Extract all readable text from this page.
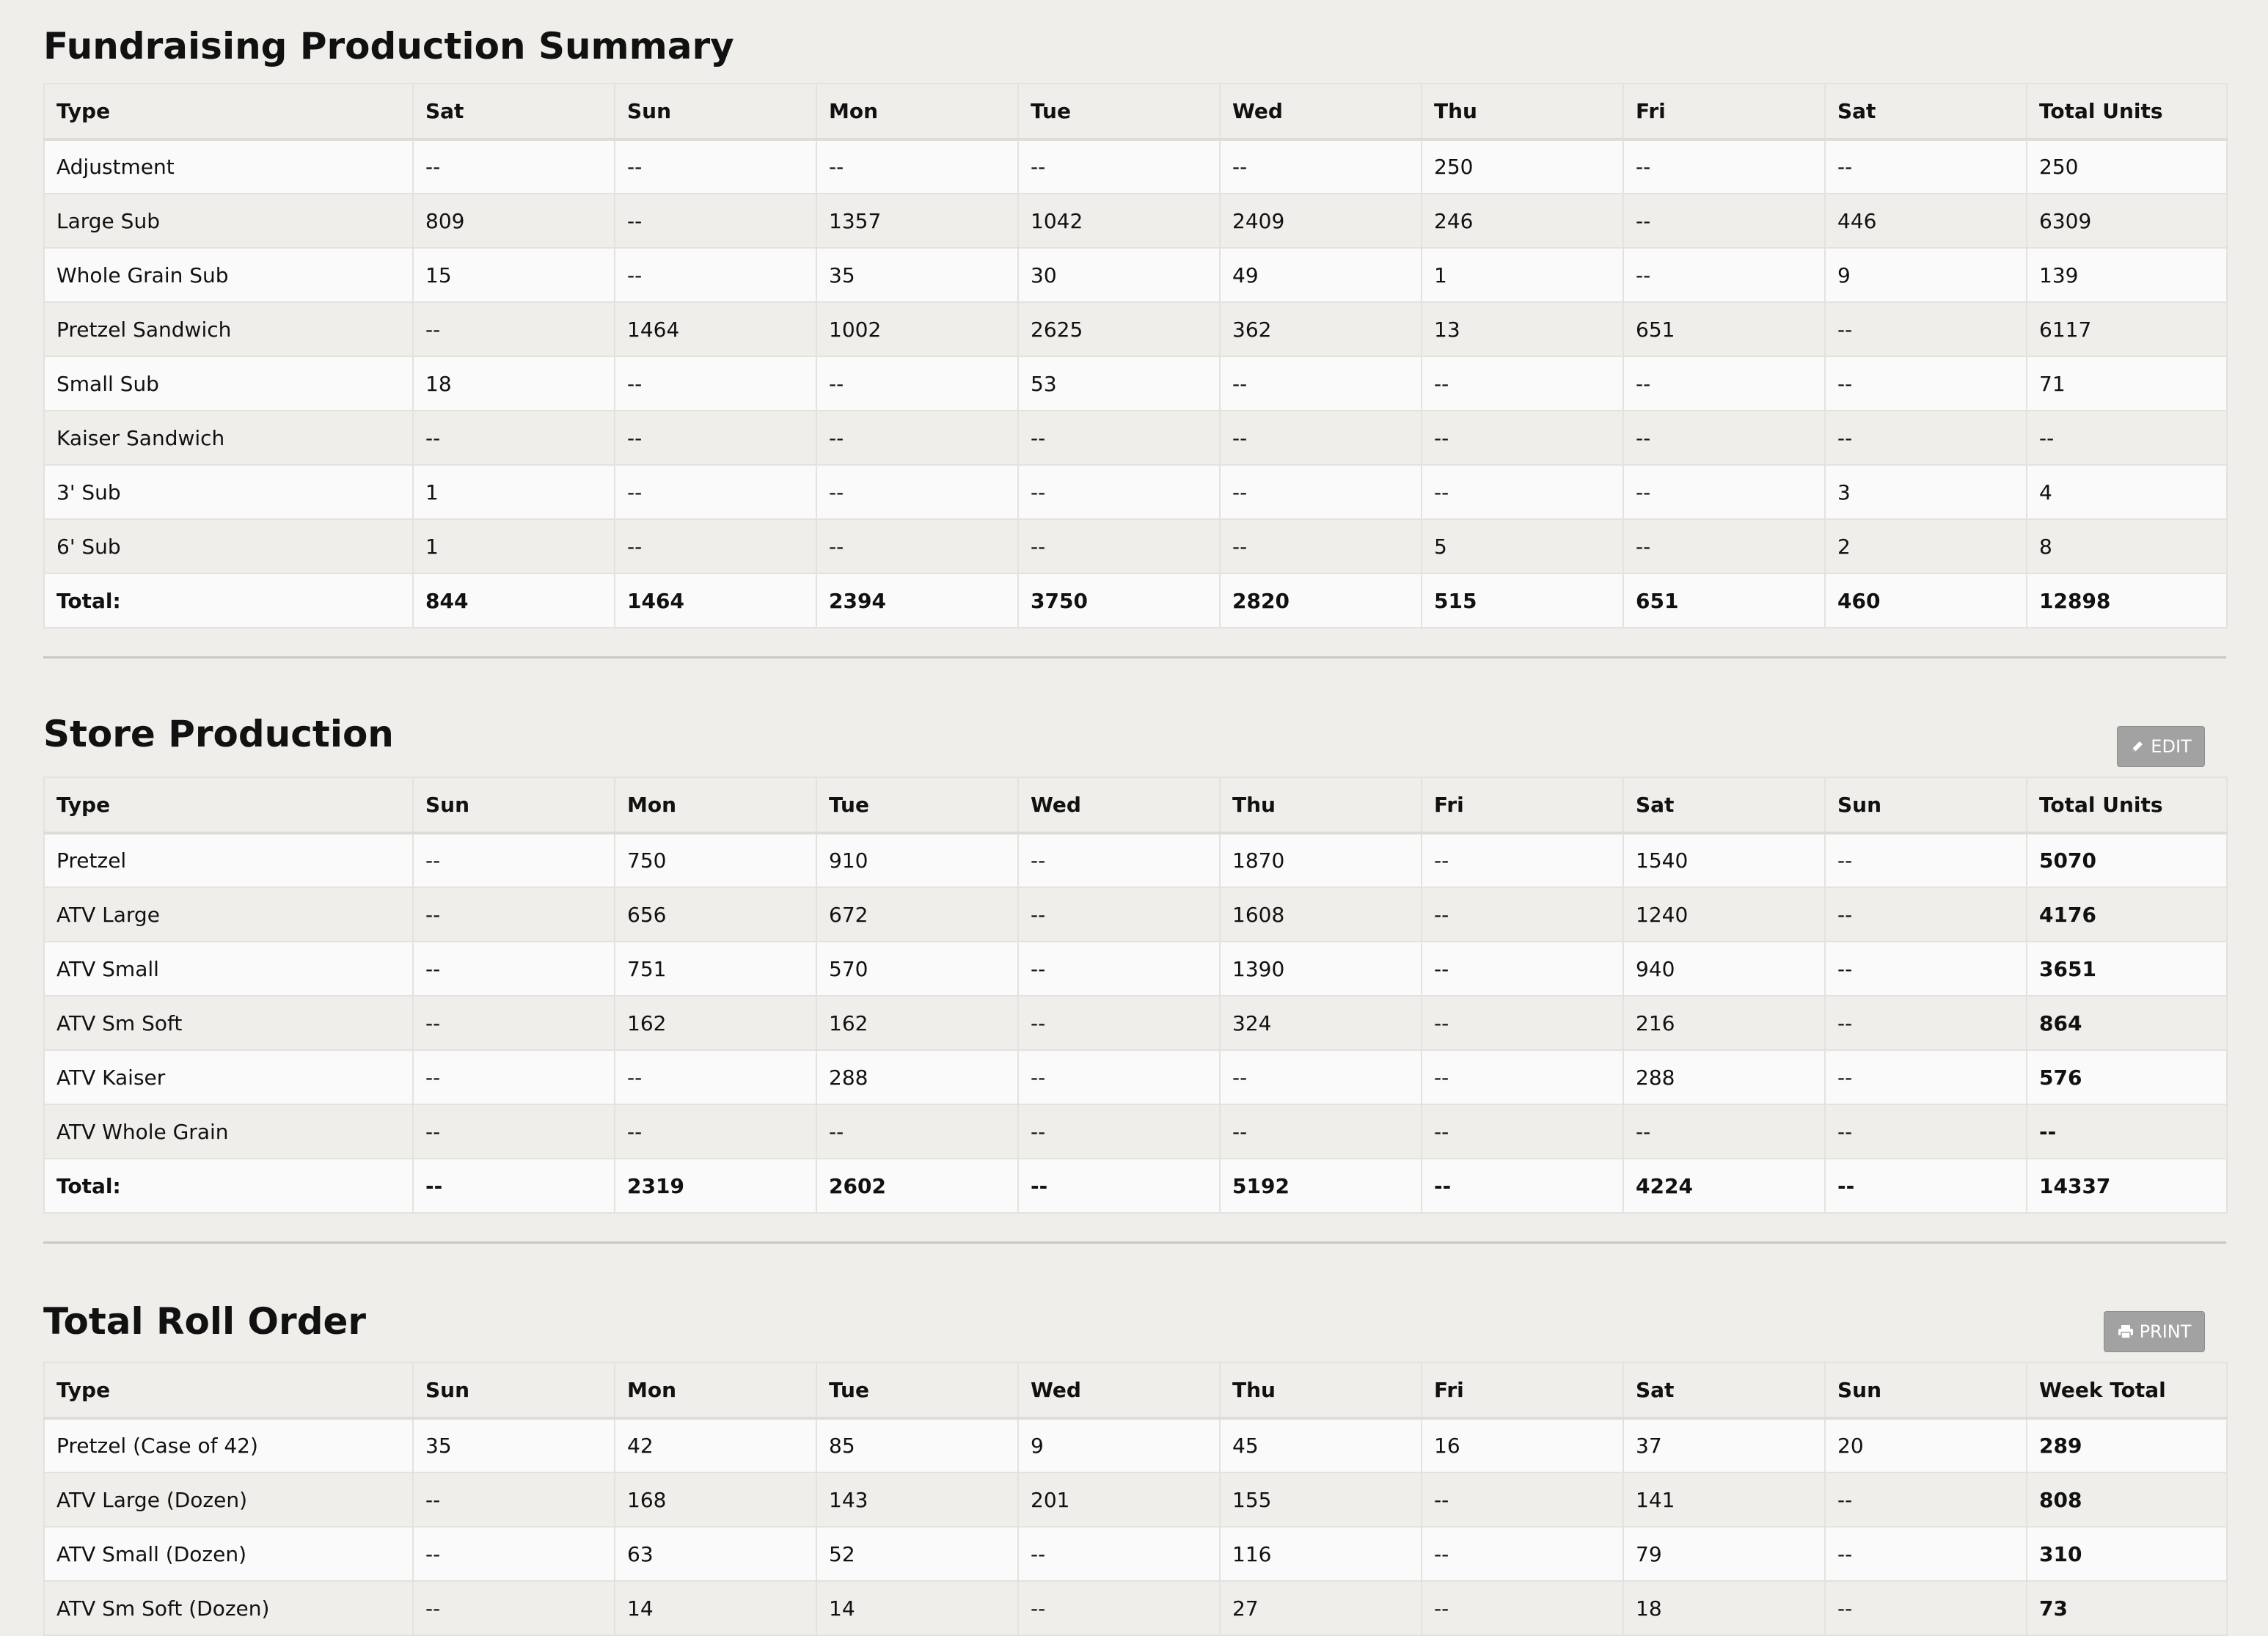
Fundraising Production Summary
Type	Sat	Sun	Mon	Tue	Wed	Thu	Fri	Sat	Total Units
Adjustment	--	--	--	--	--	250	--	--	250
Large Sub	809	--	1357	1042	2409	246	--	446	6309
Whole Grain Sub	15	--	35	30	49	1	--	9	139
Pretzel Sandwich	--	1464	1002	2625	362	13	651	--	6117
Small Sub	18	--	--	53	--	--	--	--	71
Kaiser Sandwich	--	--	--	--	--	--	--	--	--
3' Sub	1	--	--	--	--	--	--	3	4
6' Sub	1	--	--	--	--	5	--	2	8
Total:	844	1464	2394	3750	2820	515	651	460	12898
Store Production	EDIT
Type	Sun	Mon	Tue	Wed	Thu	Fri	Sat	Sun	Total Units
Pretzel	--	750	910	--	1870	--	1540	--	5070
ATV Large	--	656	672	--	1608	--	1240	--	4176
ATV Small	--	751	570	--	1390	--	940	--	3651
ATV Sm Soft	--	162	162	--	324	--	216	--	864
ATV Kaiser	--	--	288	--	--	--	288	--	576
ATV Whole Grain	--	--	--	--	--	--	--	--	--
Total:	--	2319	2602	--	5192	--	4224	--	14337
Total Roll Order	PRINT
Type	Sun	Mon	Tue	Wed	Thu	Fri	Sat	Sun	Week Total
Pretzel (Case of 42)	35	42	85	9	45	16	37	20	289
ATV Large (Dozen)	--	168	143	201	155	--	141	--	808
ATV Small (Dozen)	--	63	52	--	116	--	79	--	310
ATV Sm Soft (Dozen)	--	14	14	--	27	--	18	--	73
